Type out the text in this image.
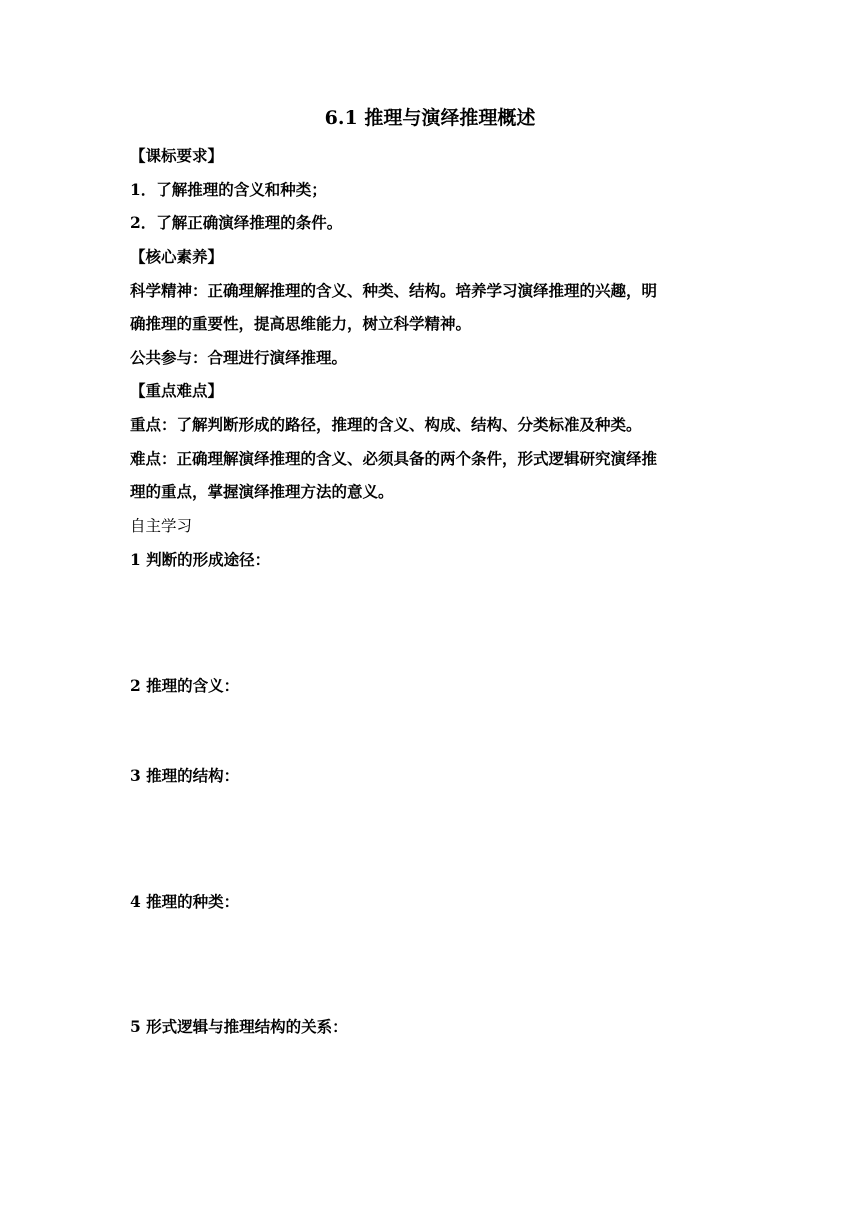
6.1 推理与演绎推理概述
【课标要求】
1．了解推理的含义和种类；
2．了解正确演绎推理的条件。
【核心素养】
科学精神：正确理解推理的含义、种类、结构。培养学习演绎推理的兴趣，明
确推理的重要性，提高思维能力，树立科学精神。
公共参与：合理进行演绎推理。
【重点难点】
重点：了解判断形成的路径，推理的含义、构成、结构、分类标准及种类。
难点：正确理解演绎推理的含义、必须具备的两个条件，形式逻辑研究演绎推
理的重点，掌握演绎推理方法的意义。
自主学习
1 判断的形成途径：
2 推理的含义：
3 推理的结构：
4 推理的种类：
5 形式逻辑与推理结构的关系：
